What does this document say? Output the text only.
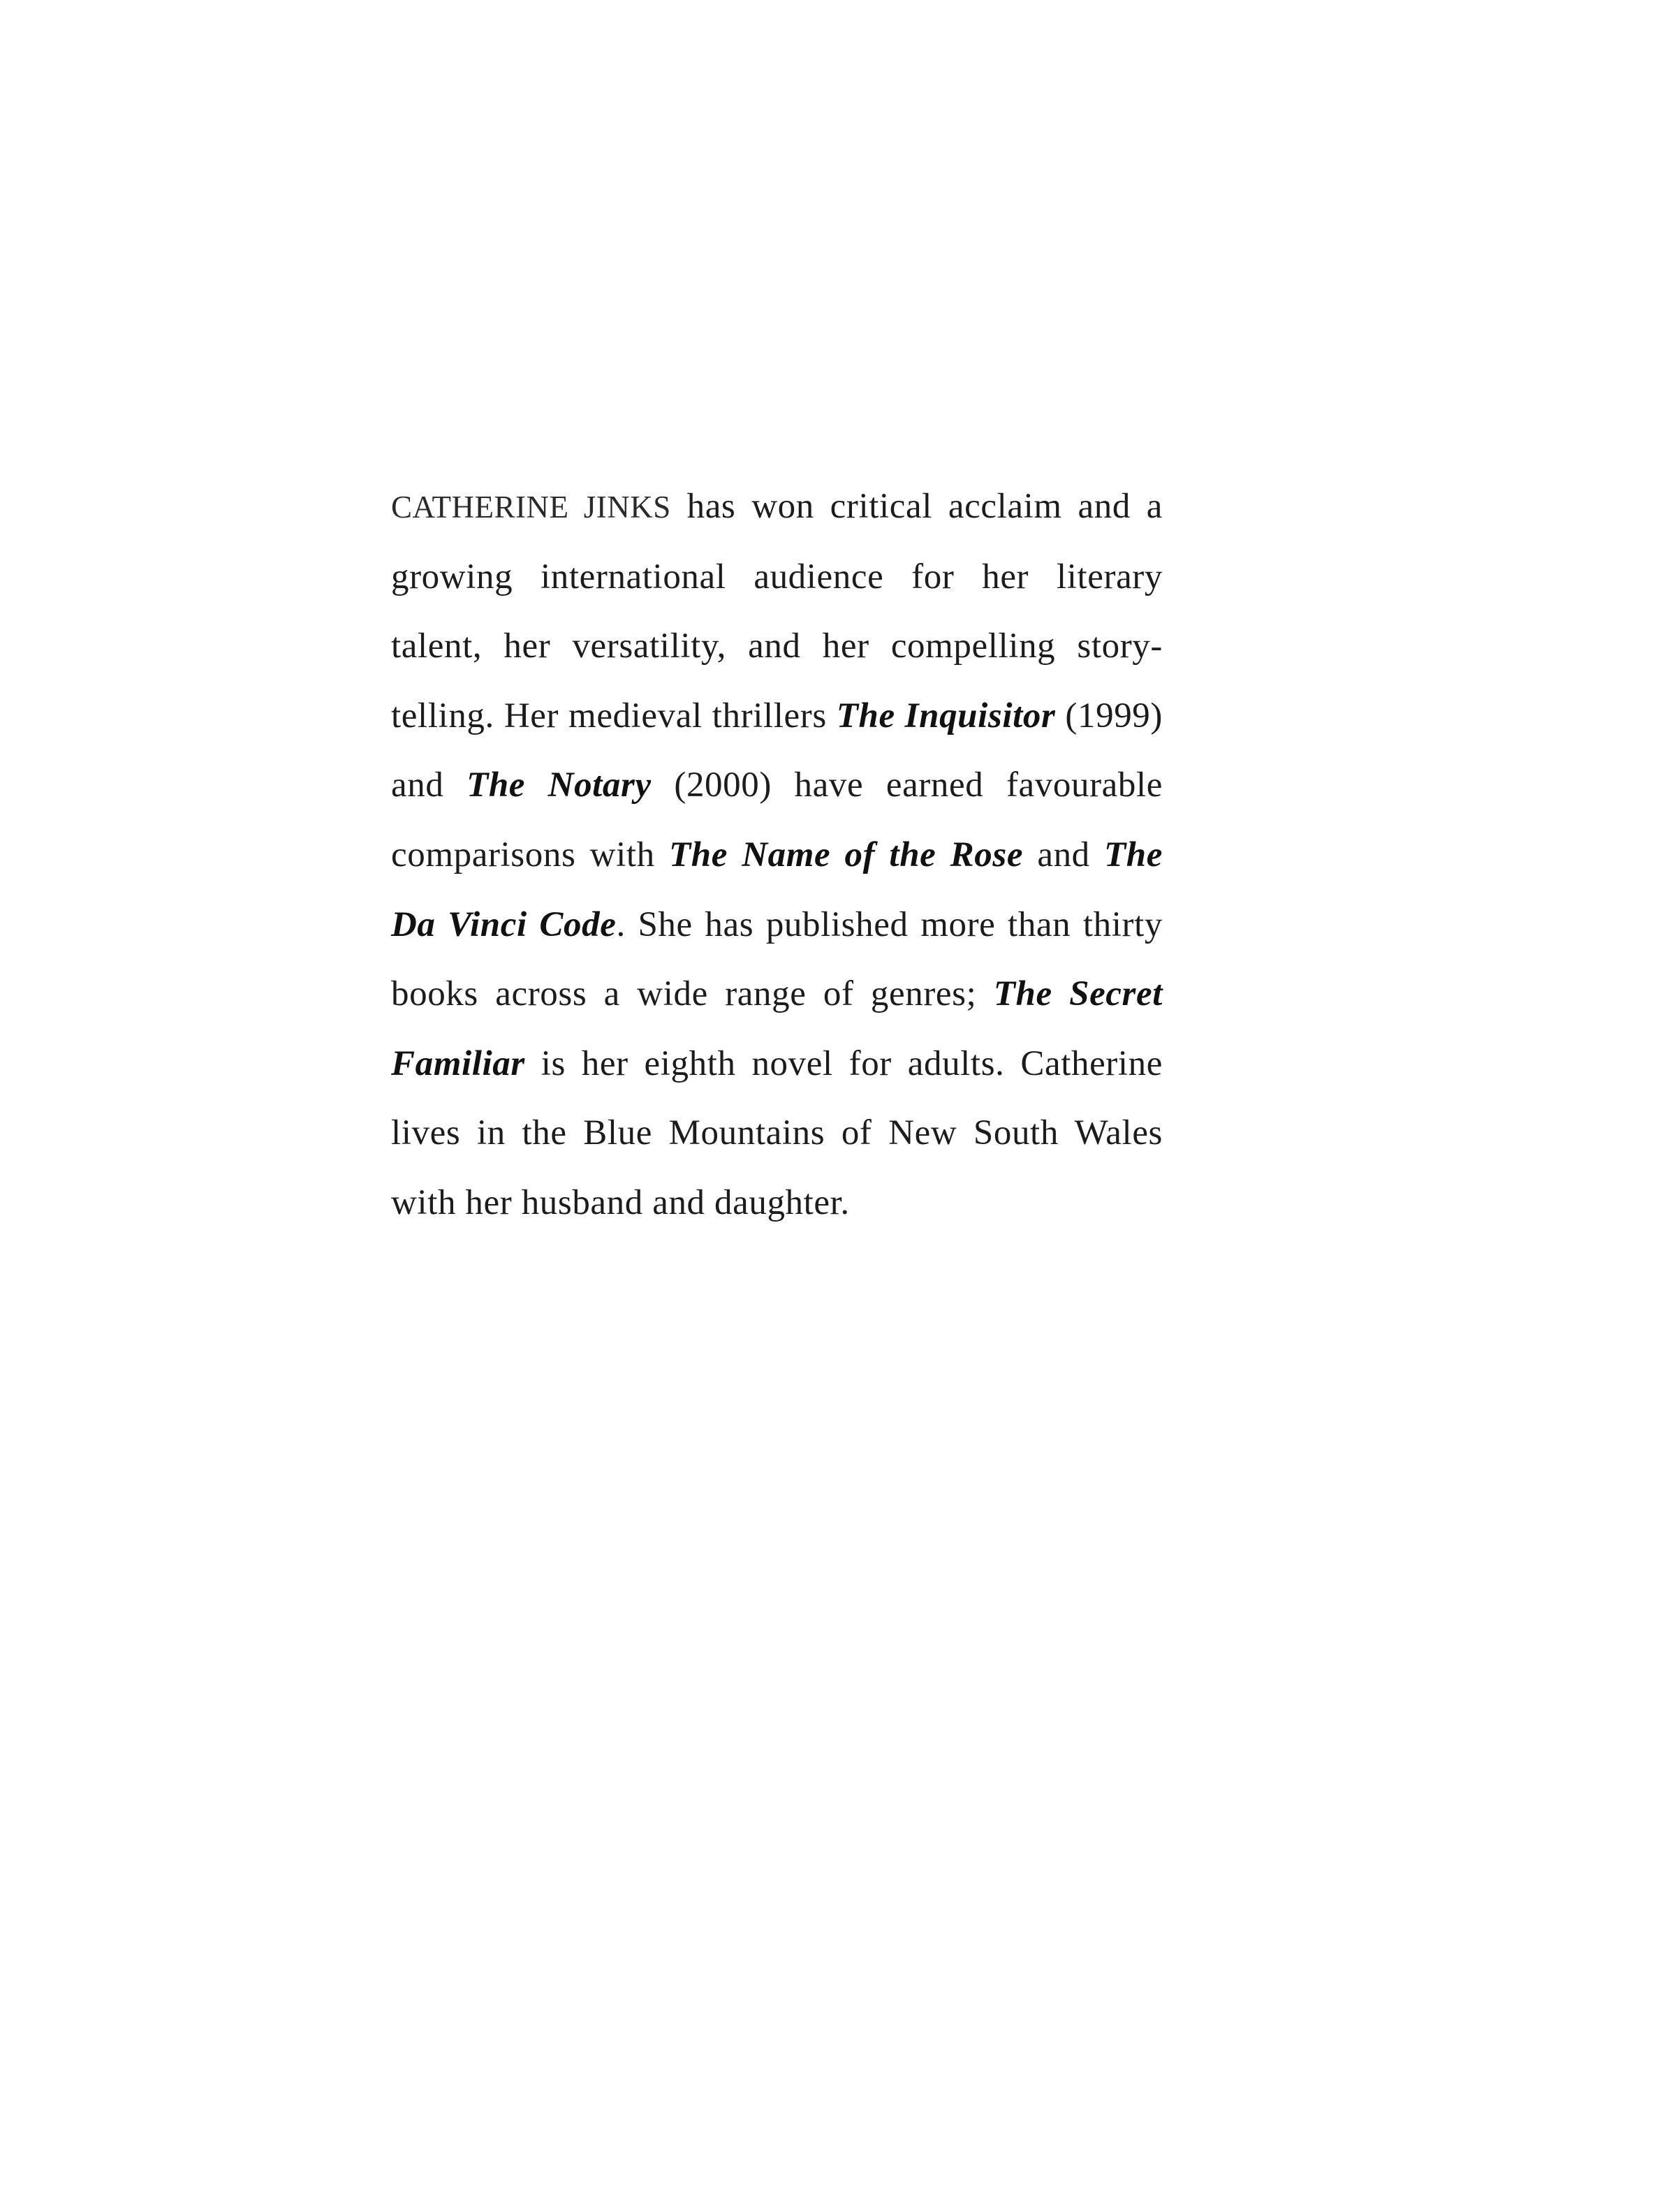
CATHERINE JINKS has won critical acclaim and a growing international audience for her literary talent, her versatility, and her compelling story-telling. Her medieval thrillers The Inquisitor (1999) and The Notary (2000) have earned favourable comparisons with The Name of the Rose and The Da Vinci Code. She has published more than thirty books across a wide range of genres; The Secret Familiar is her eighth novel for adults. Catherine lives in the Blue Mountains of New South Wales with her husband and daughter.
